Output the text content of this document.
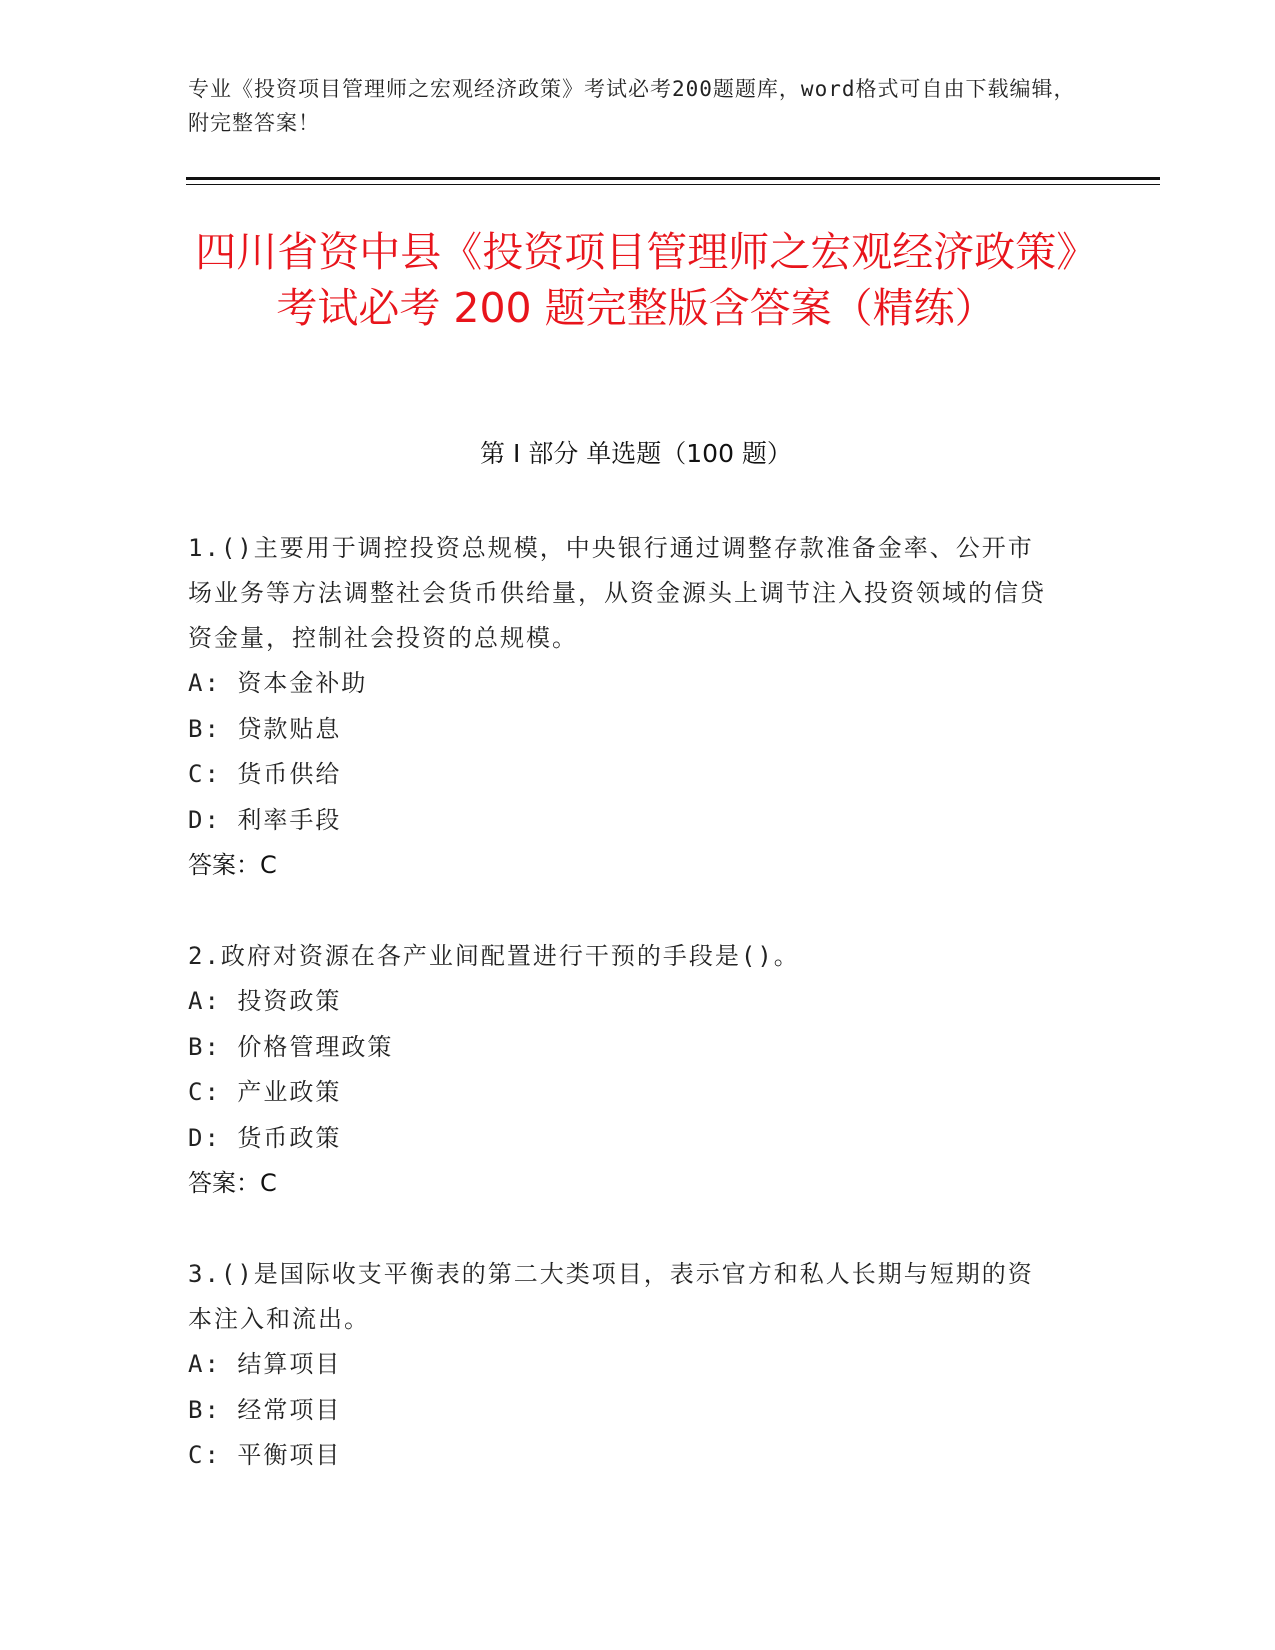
专业《投资项目管理师之宏观经济政策》考试必考200题题库，word格式可自由下载编辑，附完整答案！
四川省资中县《投资项目管理师之宏观经济政策》考试必考 200 题完整版含答案（精练）
第 I 部分 单选题（100 题）
1.()主要用于调控投资总规模，中央银行通过调整存款准备金率、公开市场业务等方法调整社会货币供给量，从资金源头上调节注入投资领域的信贷资金量，控制社会投资的总规模。
A: 资本金补助
B: 贷款贴息
C: 货币供给
D: 利率手段
答案：C
2.政府对资源在各产业间配置进行干预的手段是()。
A: 投资政策
B: 价格管理政策
C: 产业政策
D: 货币政策
答案：C
3.()是国际收支平衡表的第二大类项目，表示官方和私人长期与短期的资本注入和流出。
A: 结算项目
B: 经常项目
C: 平衡项目
